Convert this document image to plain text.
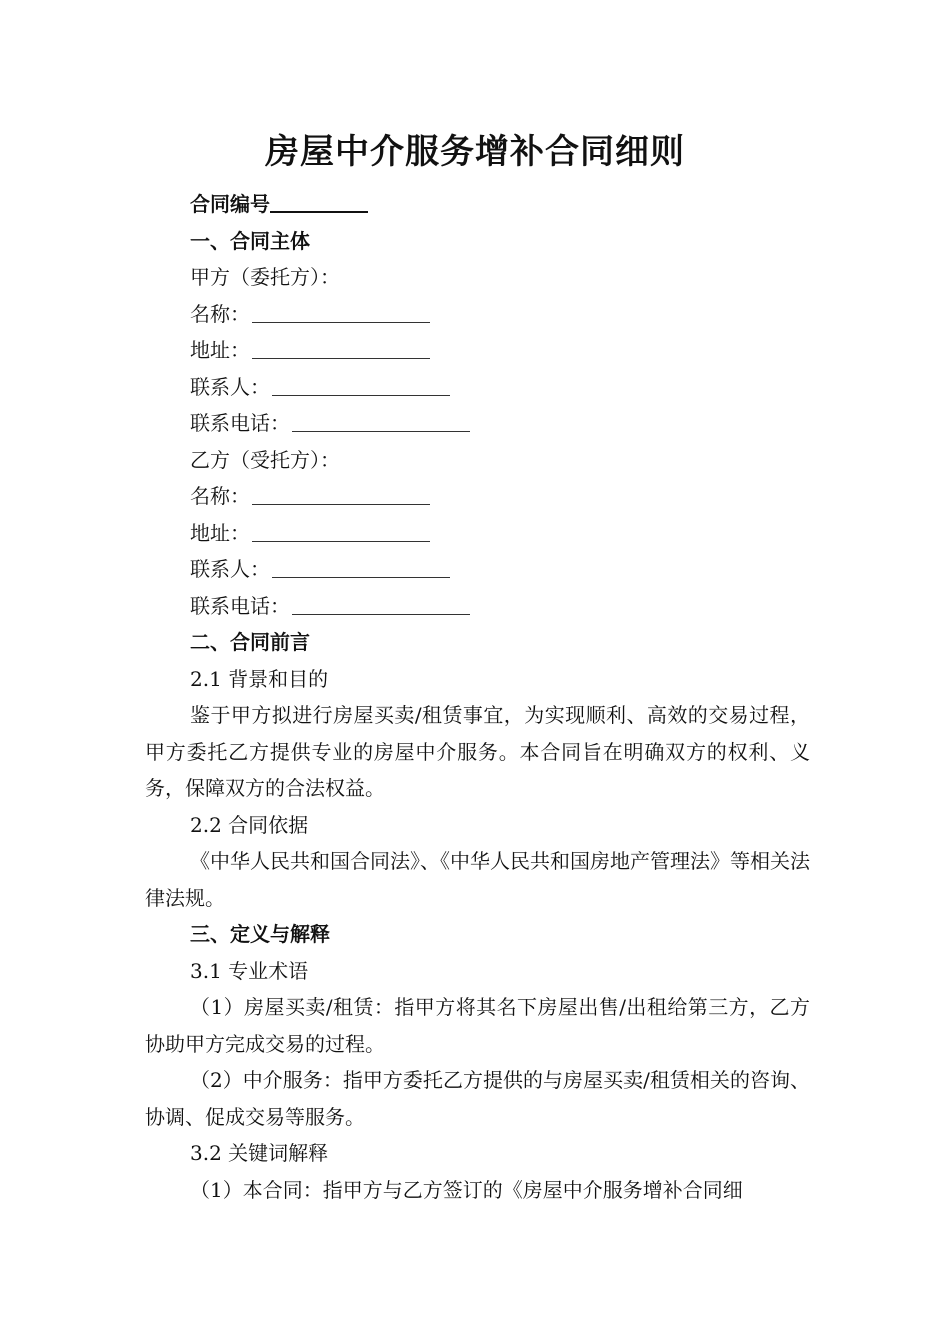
房屋中介服务增补合同细则
合同编号
一、合同主体
甲方（委托方）：
名称：
地址：
联系人：
联系电话：
乙方（受托方）：
名称：
地址：
联系人：
联系电话：
二、合同前言
2.1 背景和目的
鉴于甲方拟进行房屋买卖/租赁事宜，为实现顺利、高效的交易过程，甲方委托乙方提供专业的房屋中介服务。本合同旨在明确双方的权利、义务，保障双方的合法权益。
2.2 合同依据
《中华人民共和国合同法》、《中华人民共和国房地产管理法》等相关法律法规。
三、定义与解释
3.1 专业术语
（1）房屋买卖/租赁：指甲方将其名下房屋出售/出租给第三方，乙方协助甲方完成交易的过程。
（2）中介服务：指甲方委托乙方提供的与房屋买卖/租赁相关的咨询、协调、促成交易等服务。
3.2 关键词解释
（1）本合同：指甲方与乙方签订的《房屋中介服务增补合同细
